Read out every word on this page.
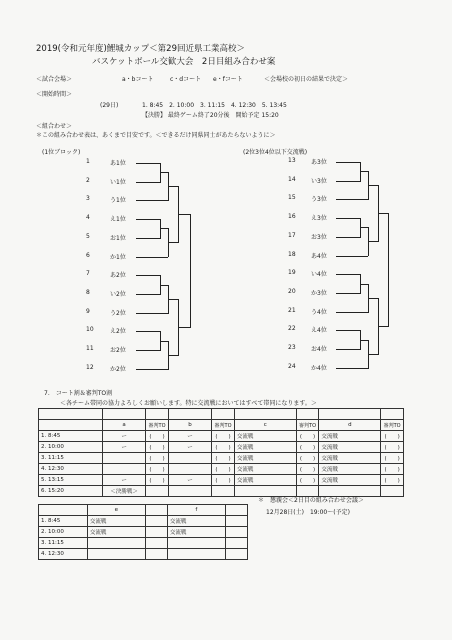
2019(令和元年度)鯉城カップ＜第29回近県工業高校＞
バスケットボール交歓大会　2日目組み合わせ案
＜試合会場＞	a・bコート	c・dコート e・fコート	＜会場校の初日の結果で決定＞
＜開始時間＞
(29日)	1. 8:45　2. 10:00　3. 11:15　4. 12:30　5. 13:45
【決勝】 最終ゲーム終了20分後　開始予定 15:20
＜組合わせ＞
＊この組み合わせ表は、あくまで目安です。＜できるだけ同県同士があたらないように＞
(1位ブロック)
1	あ1位
2	い1位
3	う1位
4	え1位
5	お1位
6	か1位
7	あ2位
8	い2位
9	う2位
10	え2位
11	お2位
12	か2位
(2位3位4位以下交流戦)
13	あ3位
14	い3位
15	う3位
16	え3位
17	お3位
18	あ4位
19	い4位
20	か3位
21	う4位
22	え4位
23	お4位
24	か4位
7.　コート割＆審判TO割
＜各チーム帯同の協力よろしくお願いします。特に交流戦においてはすべて帯同になります。＞

	a	審判TO	b	審判TO	c	審判TO	d	審判TO
1. 8:45	ー	(　　)	ー	(　　)	交流戦	(　　)	交流戦	(　　)
2. 10:00	ー	(　　)	ー	(　　)	交流戦	(　　)	交流戦	(　　)
3. 11:15		(　　)		(　　)	交流戦	(　　)	交流戦	(　　)
4. 12:30		(　　)		(　　)	交流戦	(　　)	交流戦	(　　)
5. 13:15	ー	(　　)	ー	(　　)	交流戦	(　　)	交流戦	(　　)
6. 15:20	＜決勝戦＞							
	e		f	
1. 8:45	交流戦		交流戦	
2. 10:00	交流戦		交流戦	
3. 11:15				
4. 12:30				
＊　懇親会＜2日目の組み合わせ会議＞
12月28日(土)　19:00～(予定)
